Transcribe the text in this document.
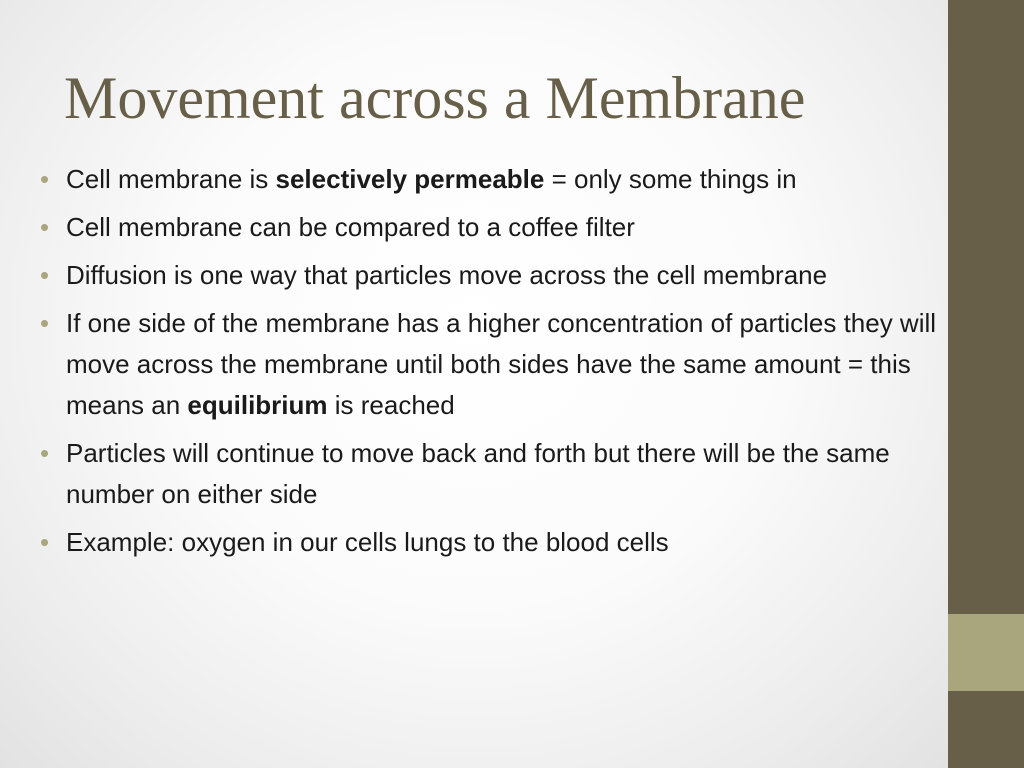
Movement across a Membrane
•
Cell membrane is selectively permeable = only some things in
•
Cell membrane can be compared to a coffee filter
•
Diffusion is one way that particles move across the cell membrane
•
If one side of the membrane has a higher concentration of particles they will move across the membrane until both sides have the same amount = this means an equilibrium is reached
•
Particles will continue to move back and forth but there will be the same number on either side
•
Example: oxygen in our cells lungs to the blood cells
